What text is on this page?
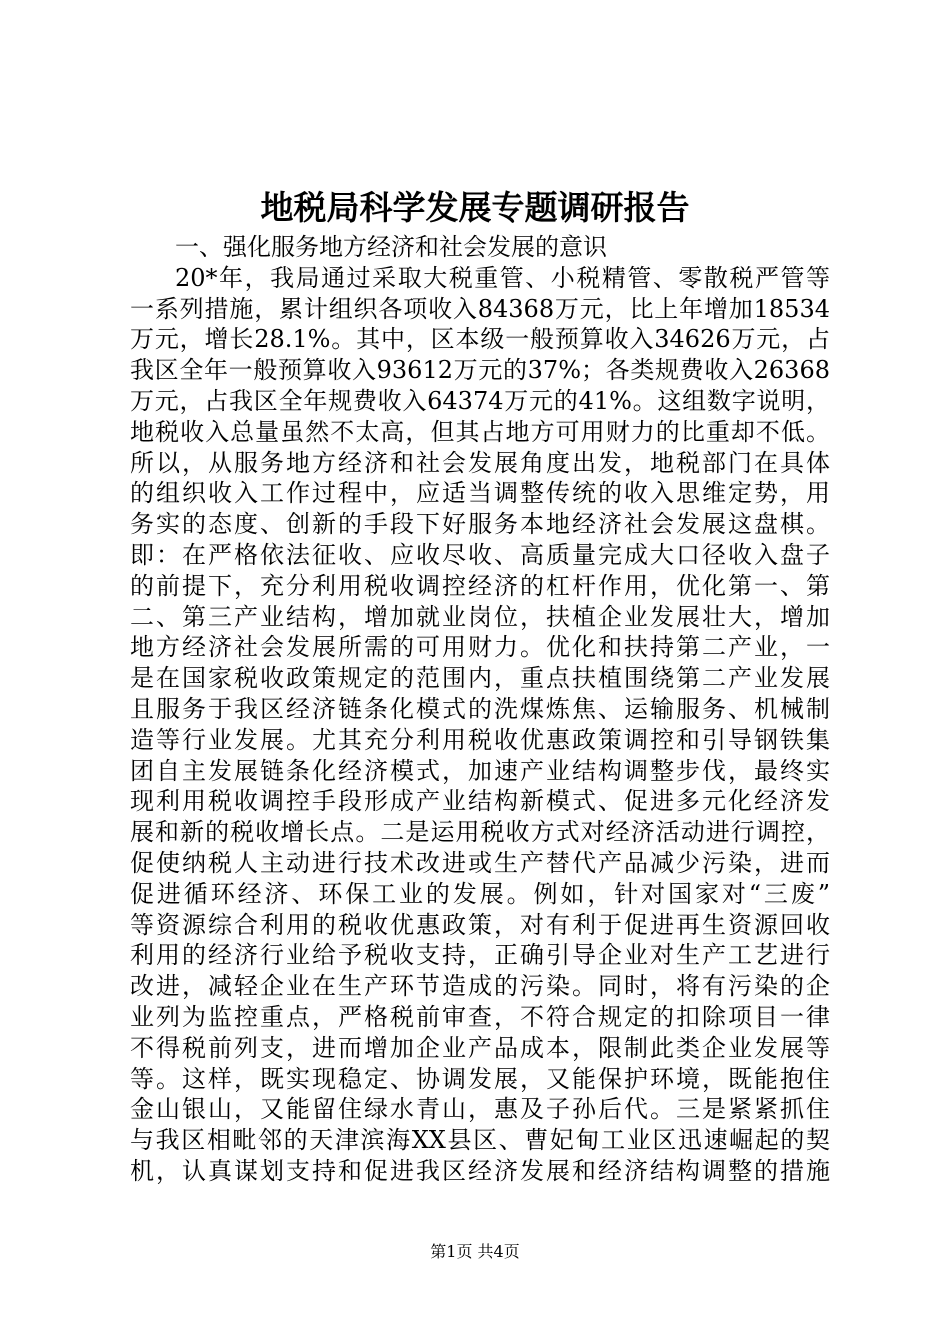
地税局科学发展专题调研报告
一、强化服务地方经济和社会发展的意识
20*年，我局通过采取大税重管、小税精管、零散税严管等
一系列措施，累计组织各项收入84368万元，比上年增加18534
万元，增长28.1%。其中，区本级一般预算收入34626万元，占
我区全年一般预算收入93612万元的37%；各类规费收入26368
万元，占我区全年规费收入64374万元的41%。这组数字说明，
地税收入总量虽然不太高，但其占地方可用财力的比重却不低。
所以，从服务地方经济和社会发展角度出发，地税部门在具体
的组织收入工作过程中，应适当调整传统的收入思维定势，用
务实的态度、创新的手段下好服务本地经济社会发展这盘棋。
即：在严格依法征收、应收尽收、高质量完成大口径收入盘子
的前提下，充分利用税收调控经济的杠杆作用，优化第一、第
二、第三产业结构，增加就业岗位，扶植企业发展壮大，增加
地方经济社会发展所需的可用财力。优化和扶持第二产业，一
是在国家税收政策规定的范围内，重点扶植围绕第二产业发展
且服务于我区经济链条化模式的洗煤炼焦、运输服务、机械制
造等行业发展。尤其充分利用税收优惠政策调控和引导钢铁集
团自主发展链条化经济模式，加速产业结构调整步伐，最终实
现利用税收调控手段形成产业结构新模式、促进多元化经济发
展和新的税收增长点。二是运用税收方式对经济活动进行调控，
促使纳税人主动进行技术改进或生产替代产品减少污染，进而
促进循环经济、环保工业的发展。例如，针对国家对“三废”
等资源综合利用的税收优惠政策，对有利于促进再生资源回收
利用的经济行业给予税收支持，正确引导企业对生产工艺进行
改进，减轻企业在生产环节造成的污染。同时，将有污染的企
业列为监控重点，严格税前审查，不符合规定的扣除项目一律
不得税前列支，进而增加企业产品成本，限制此类企业发展等
等。这样，既实现稳定、协调发展，又能保护环境，既能抱住
金山银山，又能留住绿水青山，惠及子孙后代。三是紧紧抓住
与我区相毗邻的天津滨海XX县区、曹妃甸工业区迅速崛起的契
机，认真谋划支持和促进我区经济发展和经济结构调整的措施
第1页 共4页
